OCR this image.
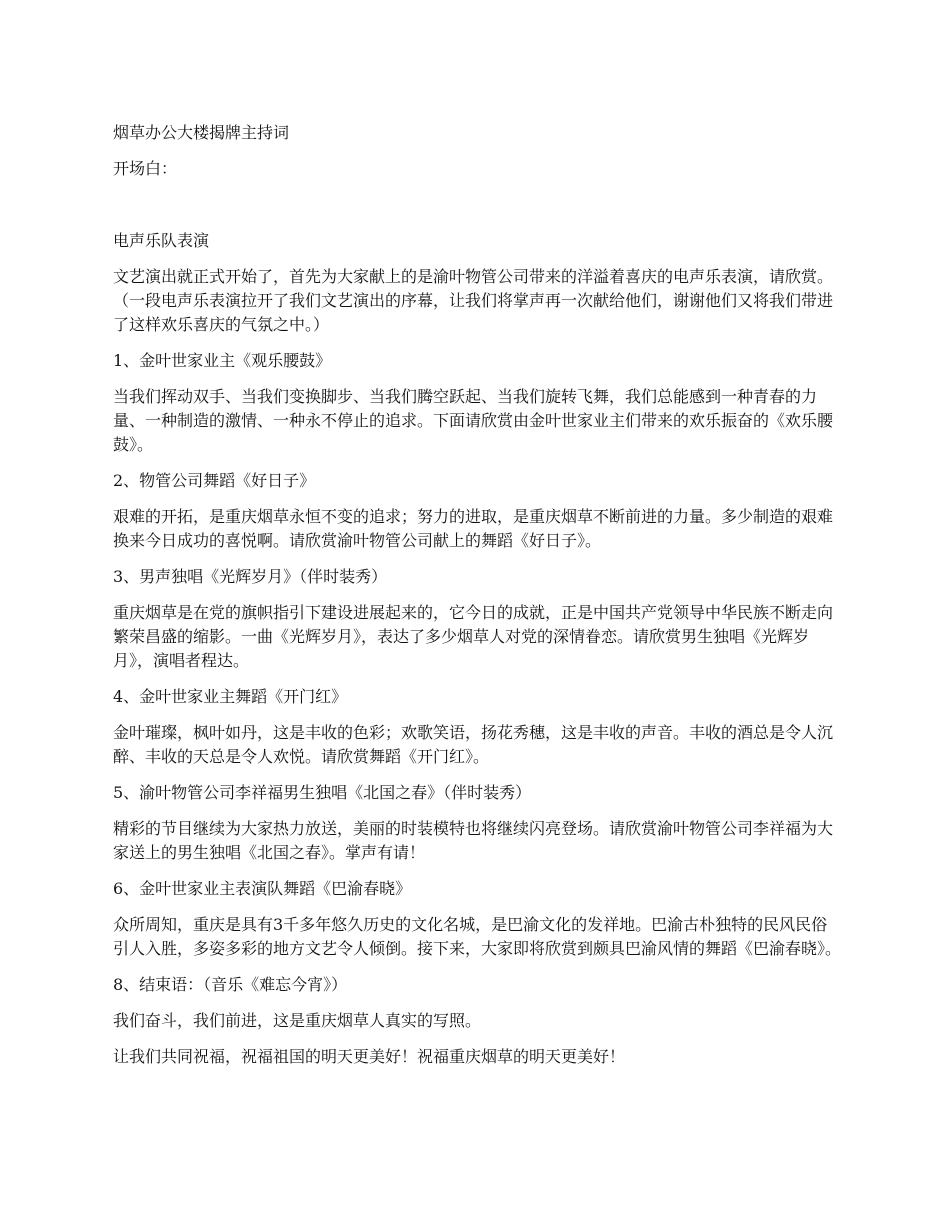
烟草办公大楼揭牌主持词
开场白：
电声乐队表演
文艺演出就正式开始了，首先为大家献上的是渝叶物管公司带来的洋溢着喜庆的电声乐表演，请欣赏。（一段电声乐表演拉开了我们文艺演出的序幕，让我们将掌声再一次献给他们，谢谢他们又将我们带进了这样欢乐喜庆的气氛之中。）
1、金叶世家业主《观乐腰鼓》
当我们挥动双手、当我们变换脚步、当我们腾空跃起、当我们旋转飞舞，我们总能感到一种青春的力量、一种制造的激情、一种永不停止的追求。下面请欣赏由金叶世家业主们带来的欢乐振奋的《欢乐腰鼓》。
2、物管公司舞蹈《好日子》
艰难的开拓，是重庆烟草永恒不变的追求；努力的进取，是重庆烟草不断前进的力量。多少制造的艰难换来今日成功的喜悦啊。请欣赏渝叶物管公司献上的舞蹈《好日子》。
3、男声独唱《光辉岁月》（伴时装秀）
重庆烟草是在党的旗帜指引下建设进展起来的，它今日的成就，正是中国共产党领导中华民族不断走向繁荣昌盛的缩影。一曲《光辉岁月》，表达了多少烟草人对党的深情眷恋。请欣赏男生独唱《光辉岁月》，演唱者程达。
4、金叶世家业主舞蹈《开门红》
金叶璀璨，枫叶如丹，这是丰收的色彩；欢歌笑语，扬花秀穗，这是丰收的声音。丰收的酒总是令人沉醉、丰收的天总是令人欢悦。请欣赏舞蹈《开门红》。
5、渝叶物管公司李祥福男生独唱《北国之春》（伴时装秀）
精彩的节目继续为大家热力放送，美丽的时装模特也将继续闪亮登场。请欣赏渝叶物管公司李祥福为大家送上的男生独唱《北国之春》。掌声有请！
6、金叶世家业主表演队舞蹈《巴渝春晓》
众所周知，重庆是具有3千多年悠久历史的文化名城，是巴渝文化的发祥地。巴渝古朴独特的民风民俗引人入胜，多姿多彩的地方文艺令人倾倒。接下来，大家即将欣赏到颇具巴渝风情的舞蹈《巴渝春晓》。
8、结束语：（音乐《难忘今宵》）
我们奋斗，我们前进，这是重庆烟草人真实的写照。
让我们共同祝福，祝福祖国的明天更美好！祝福重庆烟草的明天更美好！
